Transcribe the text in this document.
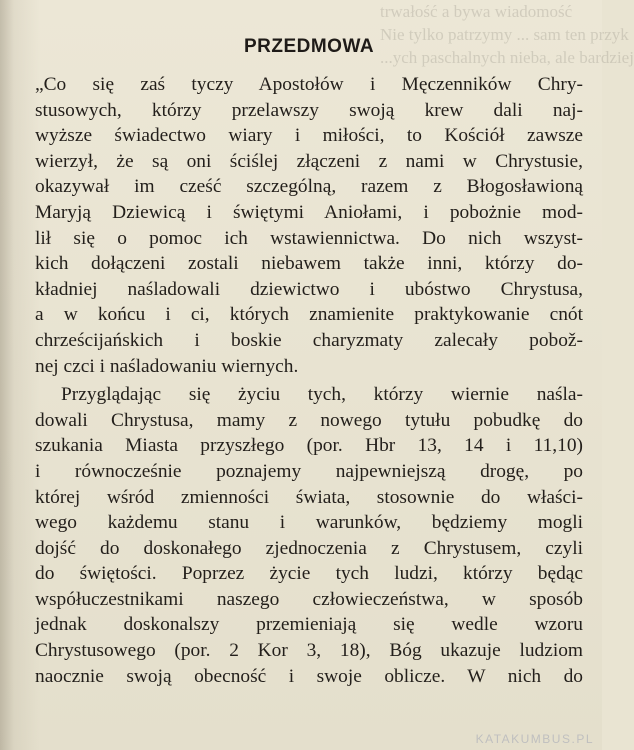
trwałość a bywa wiadomość
Nie tylko patrzymy ... sam ten przyk
...ych paschalnych nieba, ale bardziej
PRZEDMOWA
„Co się zaś tyczy Apostołów i Męczenników Chry-
stusowych, którzy przelawszy swoją krew dali naj-
wyższe świadectwo wiary i miłości, to Kościół zawsze
wierzył, że są oni ściślej złączeni z nami w Chrystusie,
okazywał im cześć szczególną, razem z Błogosławioną
Maryją Dziewicą i świętymi Aniołami, i pobożnie mod-
lił się o pomoc ich wstawiennictwa. Do nich wszyst-
kich dołączeni zostali niebawem także inni, którzy do-
kładniej naśladowali dziewictwo i ubóstwo Chrystusa,
a w końcu i ci, których znamienite praktykowanie cnót
chrześcijańskich i boskie charyzmaty zalecały pobož-
nej czci i naśladowaniu wiernych.
Przyglądając się życiu tych, którzy wiernie naśla-
dowali Chrystusa, mamy z nowego tytułu pobudkę do
szukania Miasta przyszłego (por. Hbr 13, 14 i 11,10)
i równocześnie poznajemy najpewniejszą drogę, po
której wśród zmienności świata, stosownie do właści-
wego każdemu stanu i warunków, będziemy mogli
dojść do doskonałego zjednoczenia z Chrystusem, czyli
do świętości. Poprzez życie tych ludzi, którzy będąc
współuczestnikami naszego człowieczeństwa, w sposób
jednak doskonalszy przemieniają się wedle wzoru
Chrystusowego (por. 2 Kor 3, 18), Bóg ukazuje ludziom
naocznie swoją obecność i swoje oblicze. W nich do
KATAKUMBUS.PL
